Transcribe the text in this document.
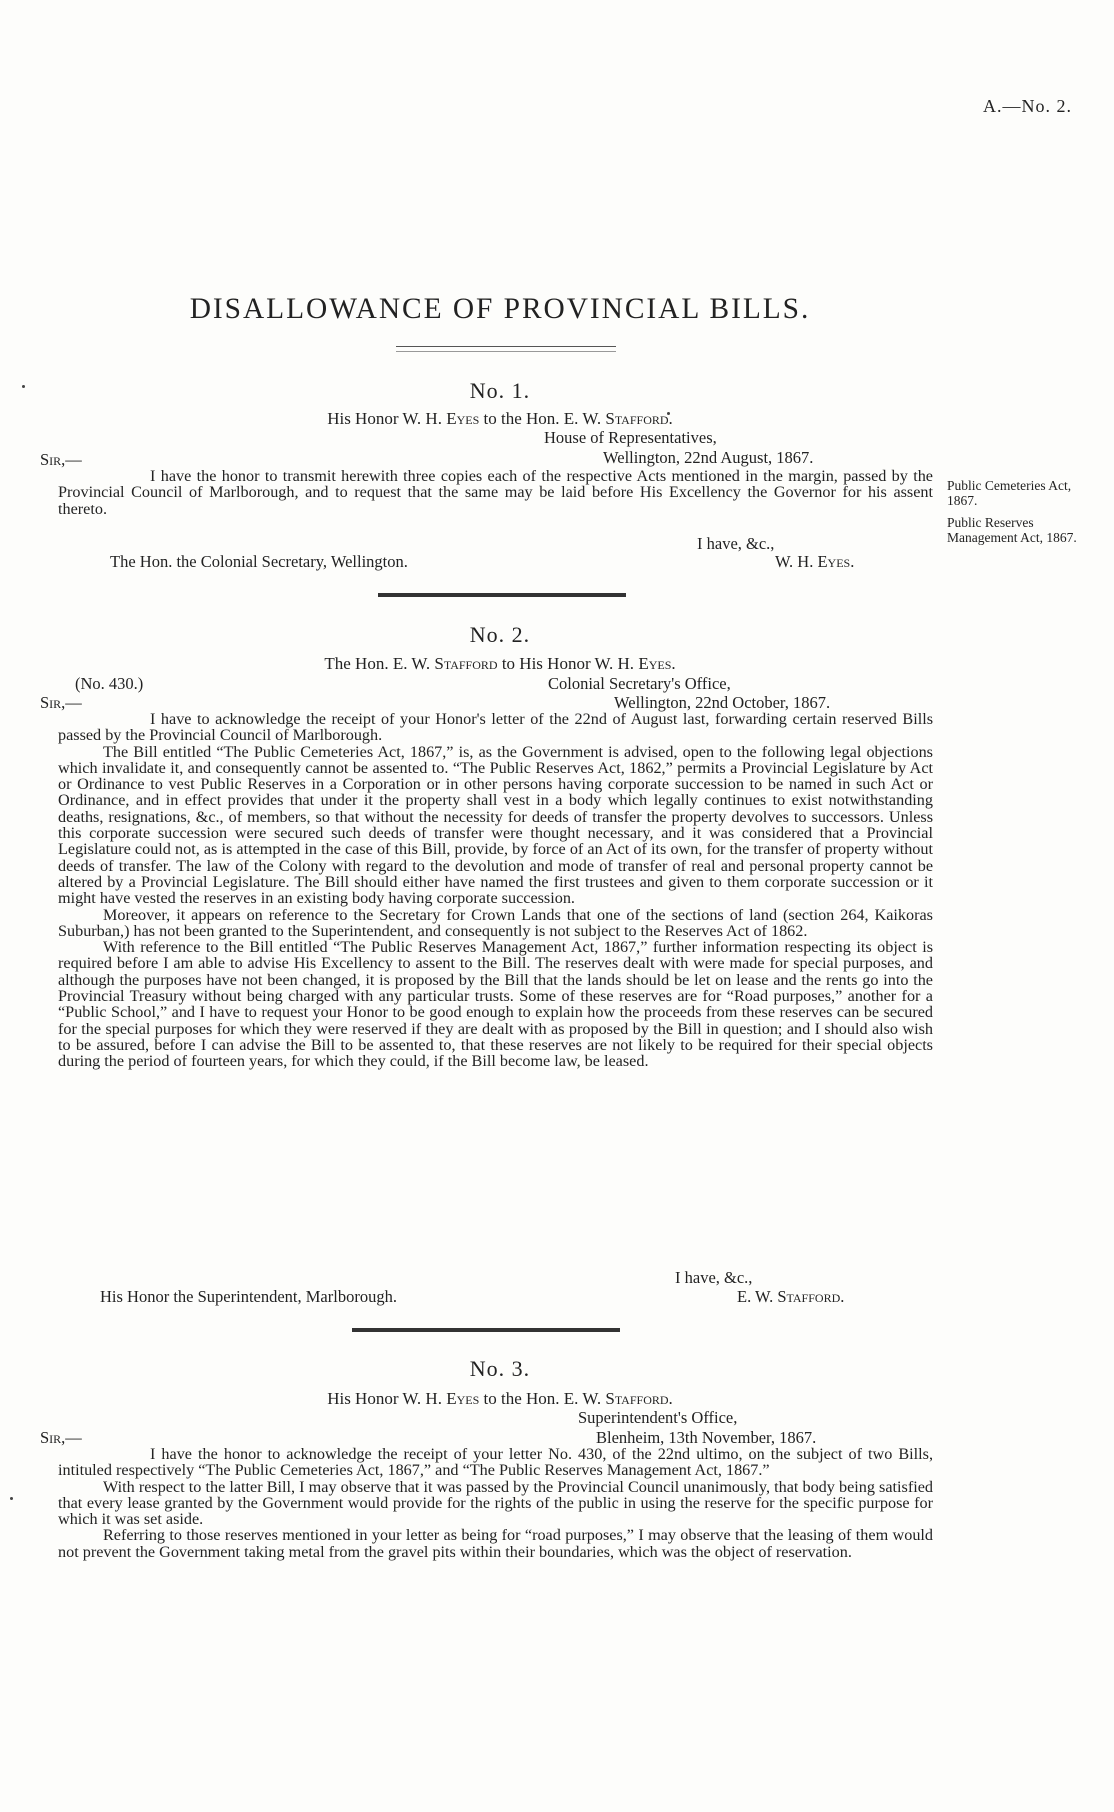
A.—No. 2.
DISALLOWANCE OF PROVINCIAL BILLS.
No. 1.
His Honor W. H. Eyes to the Hon. E. W. Stafford.
House of Representatives,
Sir,—	Wellington, 22nd August, 1867.

I have the honor to transmit herewith three copies each of the respective Acts mentioned in the margin, passed by the Provincial Council of Marlborough, and to request that the same may be laid before His Excellency the Governor for his assent thereto.

Public Cemeteries Act, 1867.
Public Reserves Management Act, 1867.
I have, &c.,
The Hon. the Colonial Secretary, Wellington.	W. H. Eyes.
No. 2.
The Hon. E. W. Stafford to His Honor W. H. Eyes.
(No. 430.)	Colonial Secretary's Office,
Sir,—	Wellington, 22nd October, 1867.

I have to acknowledge the receipt of your Honor's letter of the 22nd of August last, forwarding certain reserved Bills passed by the Provincial Council of Marlborough.

The Bill entitled “The Public Cemeteries Act, 1867,” is, as the Government is advised, open to the following legal objections which invalidate it, and consequently cannot be assented to. “The Public Reserves Act, 1862,” permits a Provincial Legislature by Act or Ordinance to vest Public Reserves in a Corporation or in other persons having corporate succession to be named in such Act or Ordinance, and in effect provides that under it the property shall vest in a body which legally continues to exist notwithstanding deaths, resignations, &c., of members, so that without the necessity for deeds of transfer the property devolves to successors. Unless this corporate succession were secured such deeds of transfer were thought necessary, and it was considered that a Provincial Legislature could not, as is attempted in the case of this Bill, provide, by force of an Act of its own, for the transfer of property without deeds of transfer. The law of the Colony with regard to the devolution and mode of transfer of real and personal property cannot be altered by a Provincial Legislature. The Bill should either have named the first trustees and given to them corporate succession or it might have vested the reserves in an existing body having corporate succession.

Moreover, it appears on reference to the Secretary for Crown Lands that one of the sections of land (section 264, Kaikoras Suburban,) has not been granted to the Superintendent, and consequently is not subject to the Reserves Act of 1862.

With reference to the Bill entitled “The Public Reserves Management Act, 1867,” further information respecting its object is required before I am able to advise His Excellency to assent to the Bill. The reserves dealt with were made for special purposes, and although the purposes have not been changed, it is proposed by the Bill that the lands should be let on lease and the rents go into the Provincial Treasury without being charged with any particular trusts. Some of these reserves are for “Road purposes,” another for a “Public School,” and I have to request your Honor to be good enough to explain how the proceeds from these reserves can be secured for the special purposes for which they were reserved if they are dealt with as proposed by the Bill in question; and I should also wish to be assured, before I can advise the Bill to be assented to, that these reserves are not likely to be required for their special objects during the period of fourteen years, for which they could, if the Bill become law, be leased.

I have, &c.,
His Honor the Superintendent, Marlborough.	E. W. Stafford.
No. 3.
His Honor W. H. Eyes to the Hon. E. W. Stafford.
Superintendent's Office,
Sir,—	Blenheim, 13th November, 1867.

I have the honor to acknowledge the receipt of your letter No. 430, of the 22nd ultimo, on the subject of two Bills, intituled respectively “The Public Cemeteries Act, 1867,” and “The Public Reserves Management Act, 1867.”

With respect to the latter Bill, I may observe that it was passed by the Provincial Council unanimously, that body being satisfied that every lease granted by the Government would provide for the rights of the public in using the reserve for the specific purpose for which it was set aside.

Referring to those reserves mentioned in your letter as being for “road purposes,” I may observe that the leasing of them would not prevent the Government taking metal from the gravel pits within their boundaries, which was the object of reservation.
